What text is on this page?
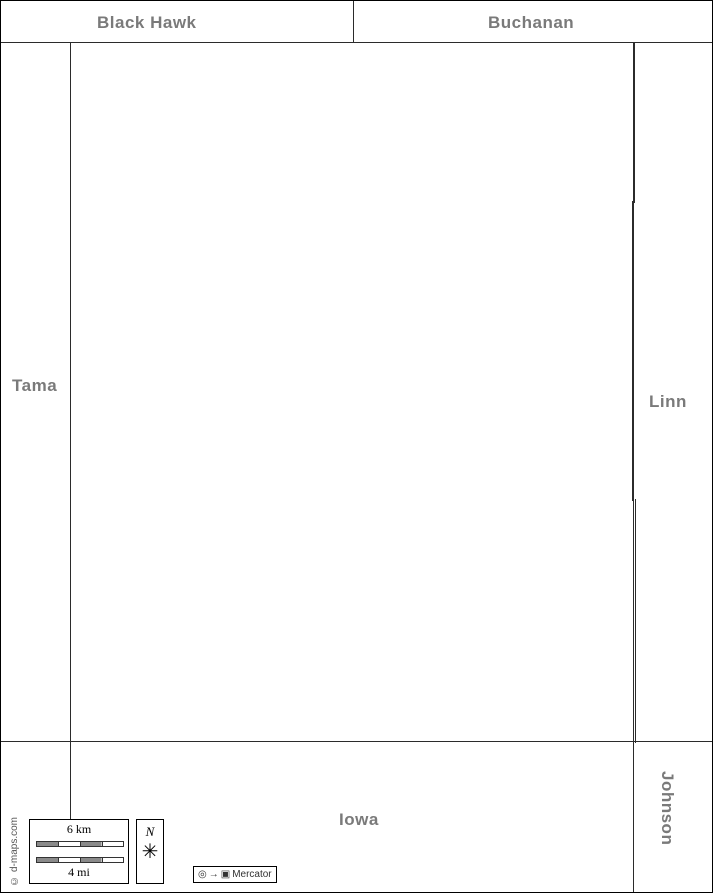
Black Hawk	Buchanan
Tama
Linn
Iowa	Johnson
© d-maps.com	6 km
4 mi
N
✳
◎ → ▣ Mercator
